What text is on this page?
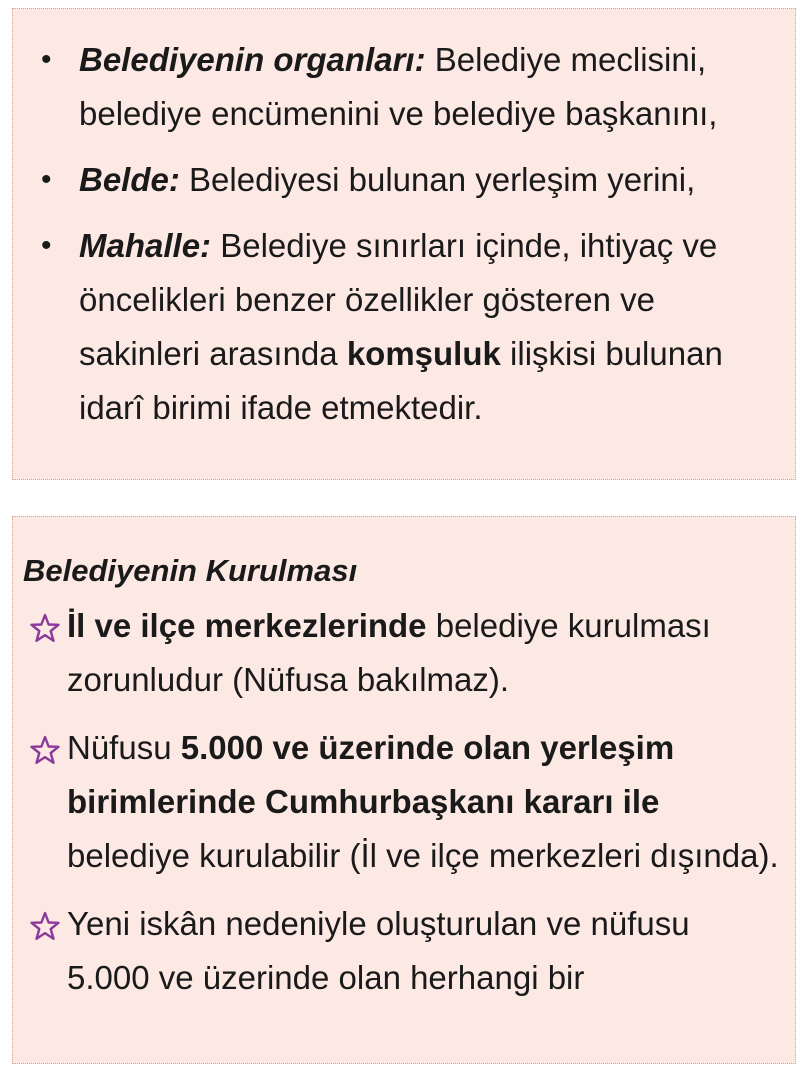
• Belediyenin organları: Belediye meclisini, belediye encümenini ve belediye başkanını,
• Belde: Belediyesi bulunan yerleşim yerini,
• Mahalle: Belediye sınırları içinde, ihtiyaç ve öncelikleri benzer özellikler gösteren ve sakinleri arasında komşuluk ilişkisi bulunan idarî birimi ifade etmektedir.
Belediyenin Kurulması
İl ve ilçe merkezlerinde belediye kurulması zorunludur (Nüfusa bakılmaz).
Nüfusu 5.000 ve üzerinde olan yerleşim birimlerinde Cumhurbaşkanı kararı ile belediye kurulabilir (İl ve ilçe merkezleri dışında).
Yeni iskân nedeniyle oluşturulan ve nüfusu 5.000 ve üzerinde olan herhangi bir
